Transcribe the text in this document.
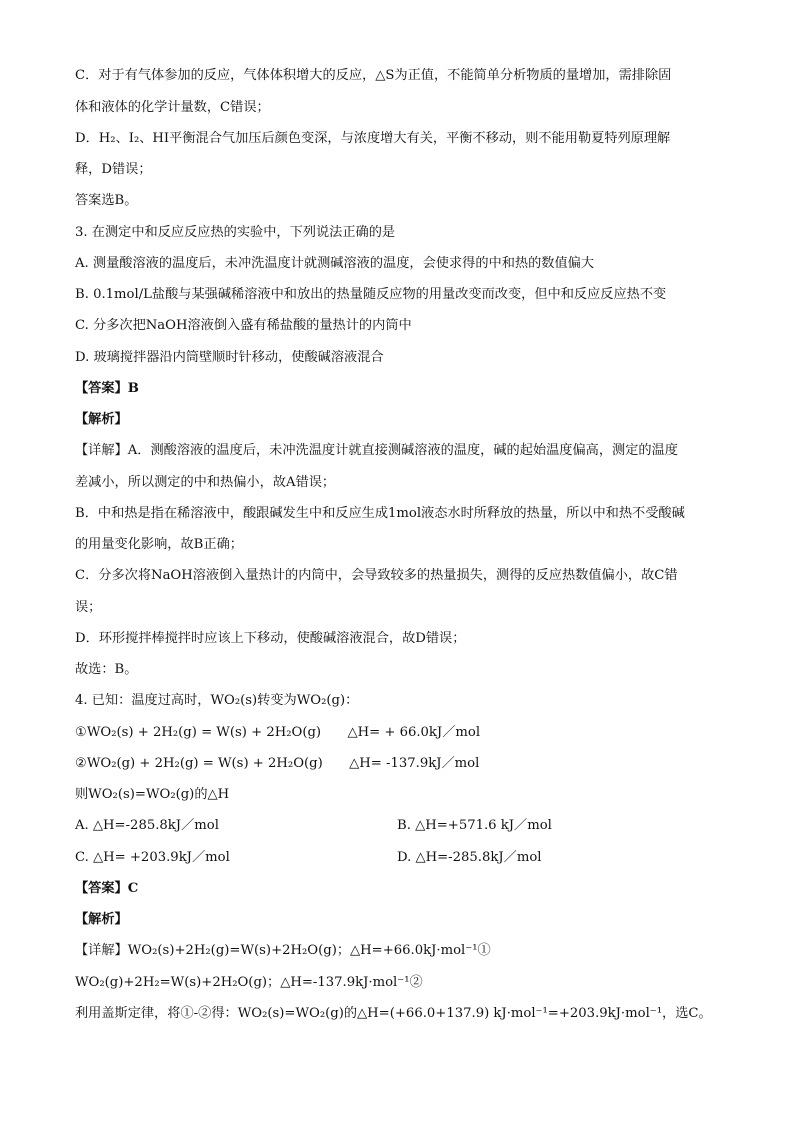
C．对于有气体参加的反应，气体体积增大的反应，△S为正值，不能简单分析物质的量增加，需排除固
体和液体的化学计量数，C错误；
D．H₂、I₂、HI平衡混合气加压后颜色变深，与浓度增大有关，平衡不移动，则不能用勒夏特列原理解
释，D错误；
答案选B。
3. 在测定中和反应反应热的实验中，下列说法正确的是
A. 测量酸溶液的温度后，未冲洗温度计就测碱溶液的温度，会使求得的中和热的数值偏大
B. 0.1mol/L盐酸与某强碱稀溶液中和放出的热量随反应物的用量改变而改变，但中和反应反应热不变
C. 分多次把NaOH溶液倒入盛有稀盐酸的量热计的内筒中
D. 玻璃搅拌器沿内筒壁顺时针移动，使酸碱溶液混合
【答案】B
【解析】
【详解】A．测酸溶液的温度后，未冲洗温度计就直接测碱溶液的温度，碱的起始温度偏高，测定的温度
差减小，所以测定的中和热偏小，故A错误；
B．中和热是指在稀溶液中，酸跟碱发生中和反应生成1mol液态水时所释放的热量，所以中和热不受酸碱
的用量变化影响，故B正确；
C．分多次将NaOH溶液倒入量热计的内筒中，会导致较多的热量损失，测得的反应热数值偏小，故C错
误；
D．环形搅拌棒搅拌时应该上下移动，使酸碱溶液混合，故D错误；
故选：B。
4. 已知：温度过高时，WO₂(s)转变为WO₂(g)：
①WO₂(s) + 2H₂(g) = W(s) + 2H₂O(g)　　△H= + 66.0kJ／mol
②WO₂(g) + 2H₂(g) = W(s) + 2H₂O(g)　　△H= -137.9kJ／mol
则WO₂(s)=WO₂(g)的△H
A. △H=-285.8kJ／mol	B. △H=+571.6 kJ／mol
C. △H= +203.9kJ／mol	D. △H=-285.8kJ／mol
【答案】C
【解析】
【详解】WO₂(s)+2H₂(g)=W(s)+2H₂O(g)；△H=+66.0kJ·mol⁻¹①
WO₂(g)+2H₂=W(s)+2H₂O(g)；△H=-137.9kJ·mol⁻¹②
利用盖斯定律，将①-②得：WO₂(s)=WO₂(g)的△H=(+66.0+137.9) kJ·mol⁻¹=+203.9kJ·mol⁻¹，选C。
